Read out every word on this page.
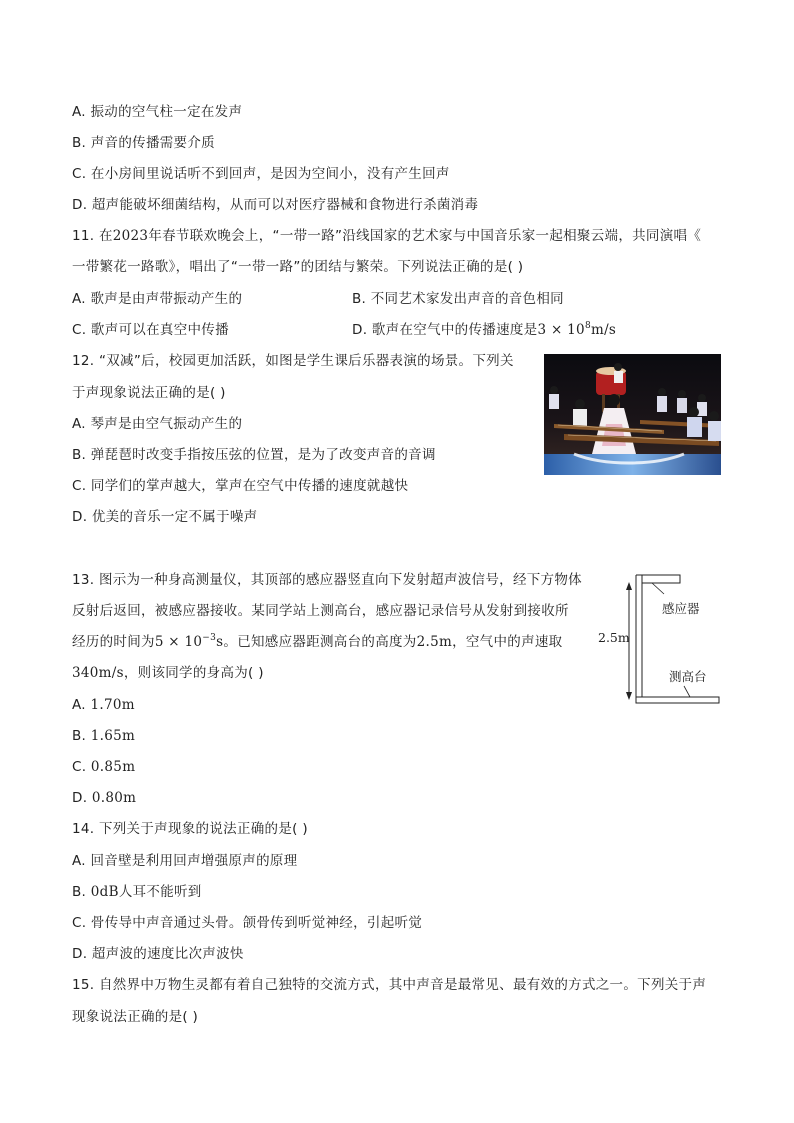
A. 振动的空气柱一定在发声
B. 声音的传播需要介质
C. 在小房间里说话听不到回声，是因为空间小，没有产生回声
D. 超声能破坏细菌结构，从而可以对医疗器械和食物进行杀菌消毒
11. 在2023年春节联欢晚会上，“一带一路”沿线国家的艺术家与中国音乐家一起相聚云端，共同演唱《
一带繁花一路歌》，唱出了“一带一路”的团结与繁荣。下列说法正确的是( )
A. 歌声是由声带振动产生的	B. 不同艺术家发出声音的音色相同
C. 歌声可以在真空中传播	D. 歌声在空气中的传播速度是$3 \times 10^8m/s$
12. “双减”后，校园更加活跃，如图是学生课后乐器表演的场景。下列关
于声现象说法正确的是( )
A. 琴声是由空气振动产生的
B. 弹琵琶时改变手指按压弦的位置，是为了改变声音的音调
C. 同学们的掌声越大，掌声在空气中传播的速度就越快
D. 优美的音乐一定不属于噪声
13. 图示为一种身高测量仪，其顶部的感应器竖直向下发射超声波信号，经下方物体
反射后返回，被感应器接收。某同学站上测高台，感应器记录信号从发射到接收所
经历的时间为$5 \times 10^{-3}s$。已知感应器距测高台的高度为2.5m，空气中的声速取
340m/s，则该同学的身高为( )
A. 1.70m
B. 1.65m
C. 0.85m
D. 0.80m
感应器
2.5m
测高台
14. 下列关于声现象的说法正确的是( )
A. 回音壁是利用回声增强原声的原理
B. 0dB人耳不能听到
C. 骨传导中声音通过头骨。颌骨传到听觉神经，引起听觉
D. 超声波的速度比次声波快
15. 自然界中万物生灵都有着自己独特的交流方式，其中声音是最常见、最有效的方式之一。下列关于声
现象说法正确的是( )
